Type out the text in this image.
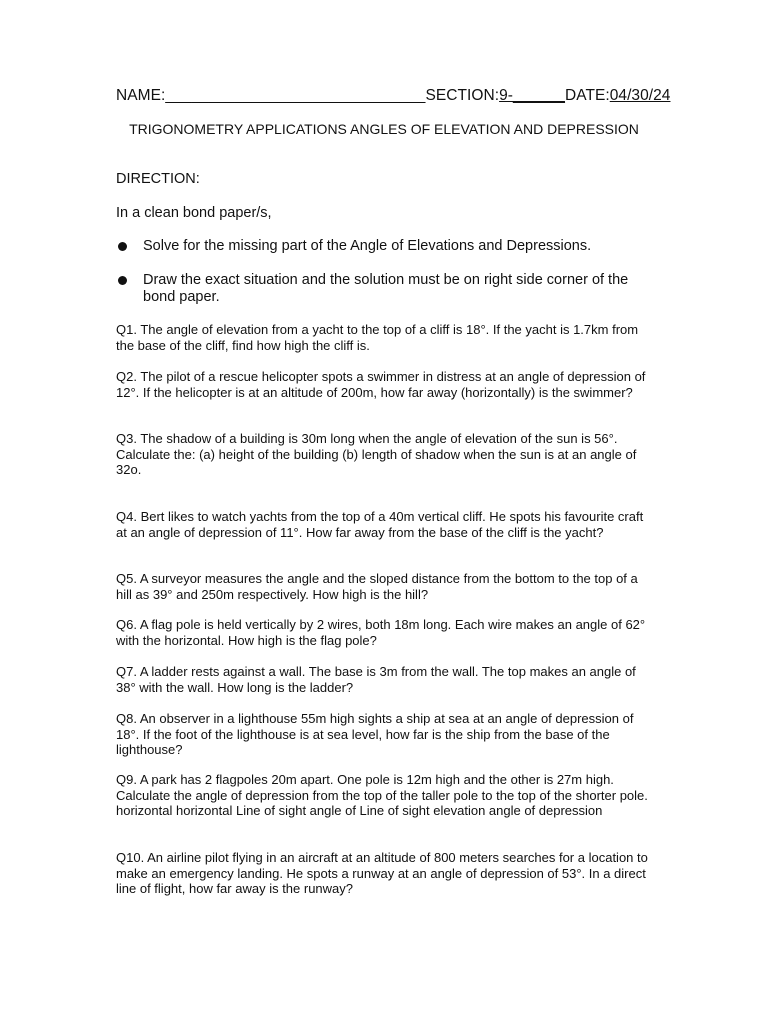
NAME:______________________________SECTION:9-______DATE:04/30/24
TRIGONOMETRY APPLICATIONS ANGLES OF ELEVATION AND DEPRESSION
DIRECTION:
In a clean bond paper/s,
Solve for the missing part of the Angle of Elevations and Depressions.
Draw the exact situation and the solution must be on right side corner of the bond paper.
Q1. The angle of elevation from a yacht to the top of a cliff is 18°. If the yacht is 1.7km from the base of the cliff, find how high the cliff is.
Q2. The pilot of a rescue helicopter spots a swimmer in distress at an angle of depression of 12°. If the helicopter is at an altitude of 200m, how far away (horizontally) is the swimmer?
Q3. The shadow of a building is 30m long when the angle of elevation of the sun is 56°. Calculate the: (a) height of the building (b) length of shadow when the sun is at an angle of 32o.
Q4. Bert likes to watch yachts from the top of a 40m vertical cliff. He spots his favourite craft at an angle of depression of 11°. How far away from the base of the cliff is the yacht?
Q5. A surveyor measures the angle and the sloped distance from the bottom to the top of a hill as 39° and 250m respectively. How high is the hill?
Q6. A flag pole is held vertically by 2 wires, both 18m long. Each wire makes an angle of 62° with the horizontal. How high is the flag pole?
Q7. A ladder rests against a wall. The base is 3m from the wall. The top makes an angle of 38° with the wall. How long is the ladder?
Q8. An observer in a lighthouse 55m high sights a ship at sea at an angle of depression of 18°. If the foot of the lighthouse is at sea level, how far is the ship from the base of the lighthouse?
Q9. A park has 2 flagpoles 20m apart. One pole is 12m high and the other is 27m high. Calculate the angle of depression from the top of the taller pole to the top of the shorter pole. horizontal horizontal Line of sight angle of Line of sight elevation angle of depression
Q10. An airline pilot flying in an aircraft at an altitude of 800 meters searches for a location to make an emergency landing. He spots a runway at an angle of depression of 53°. In a direct line of flight, how far away is the runway?
